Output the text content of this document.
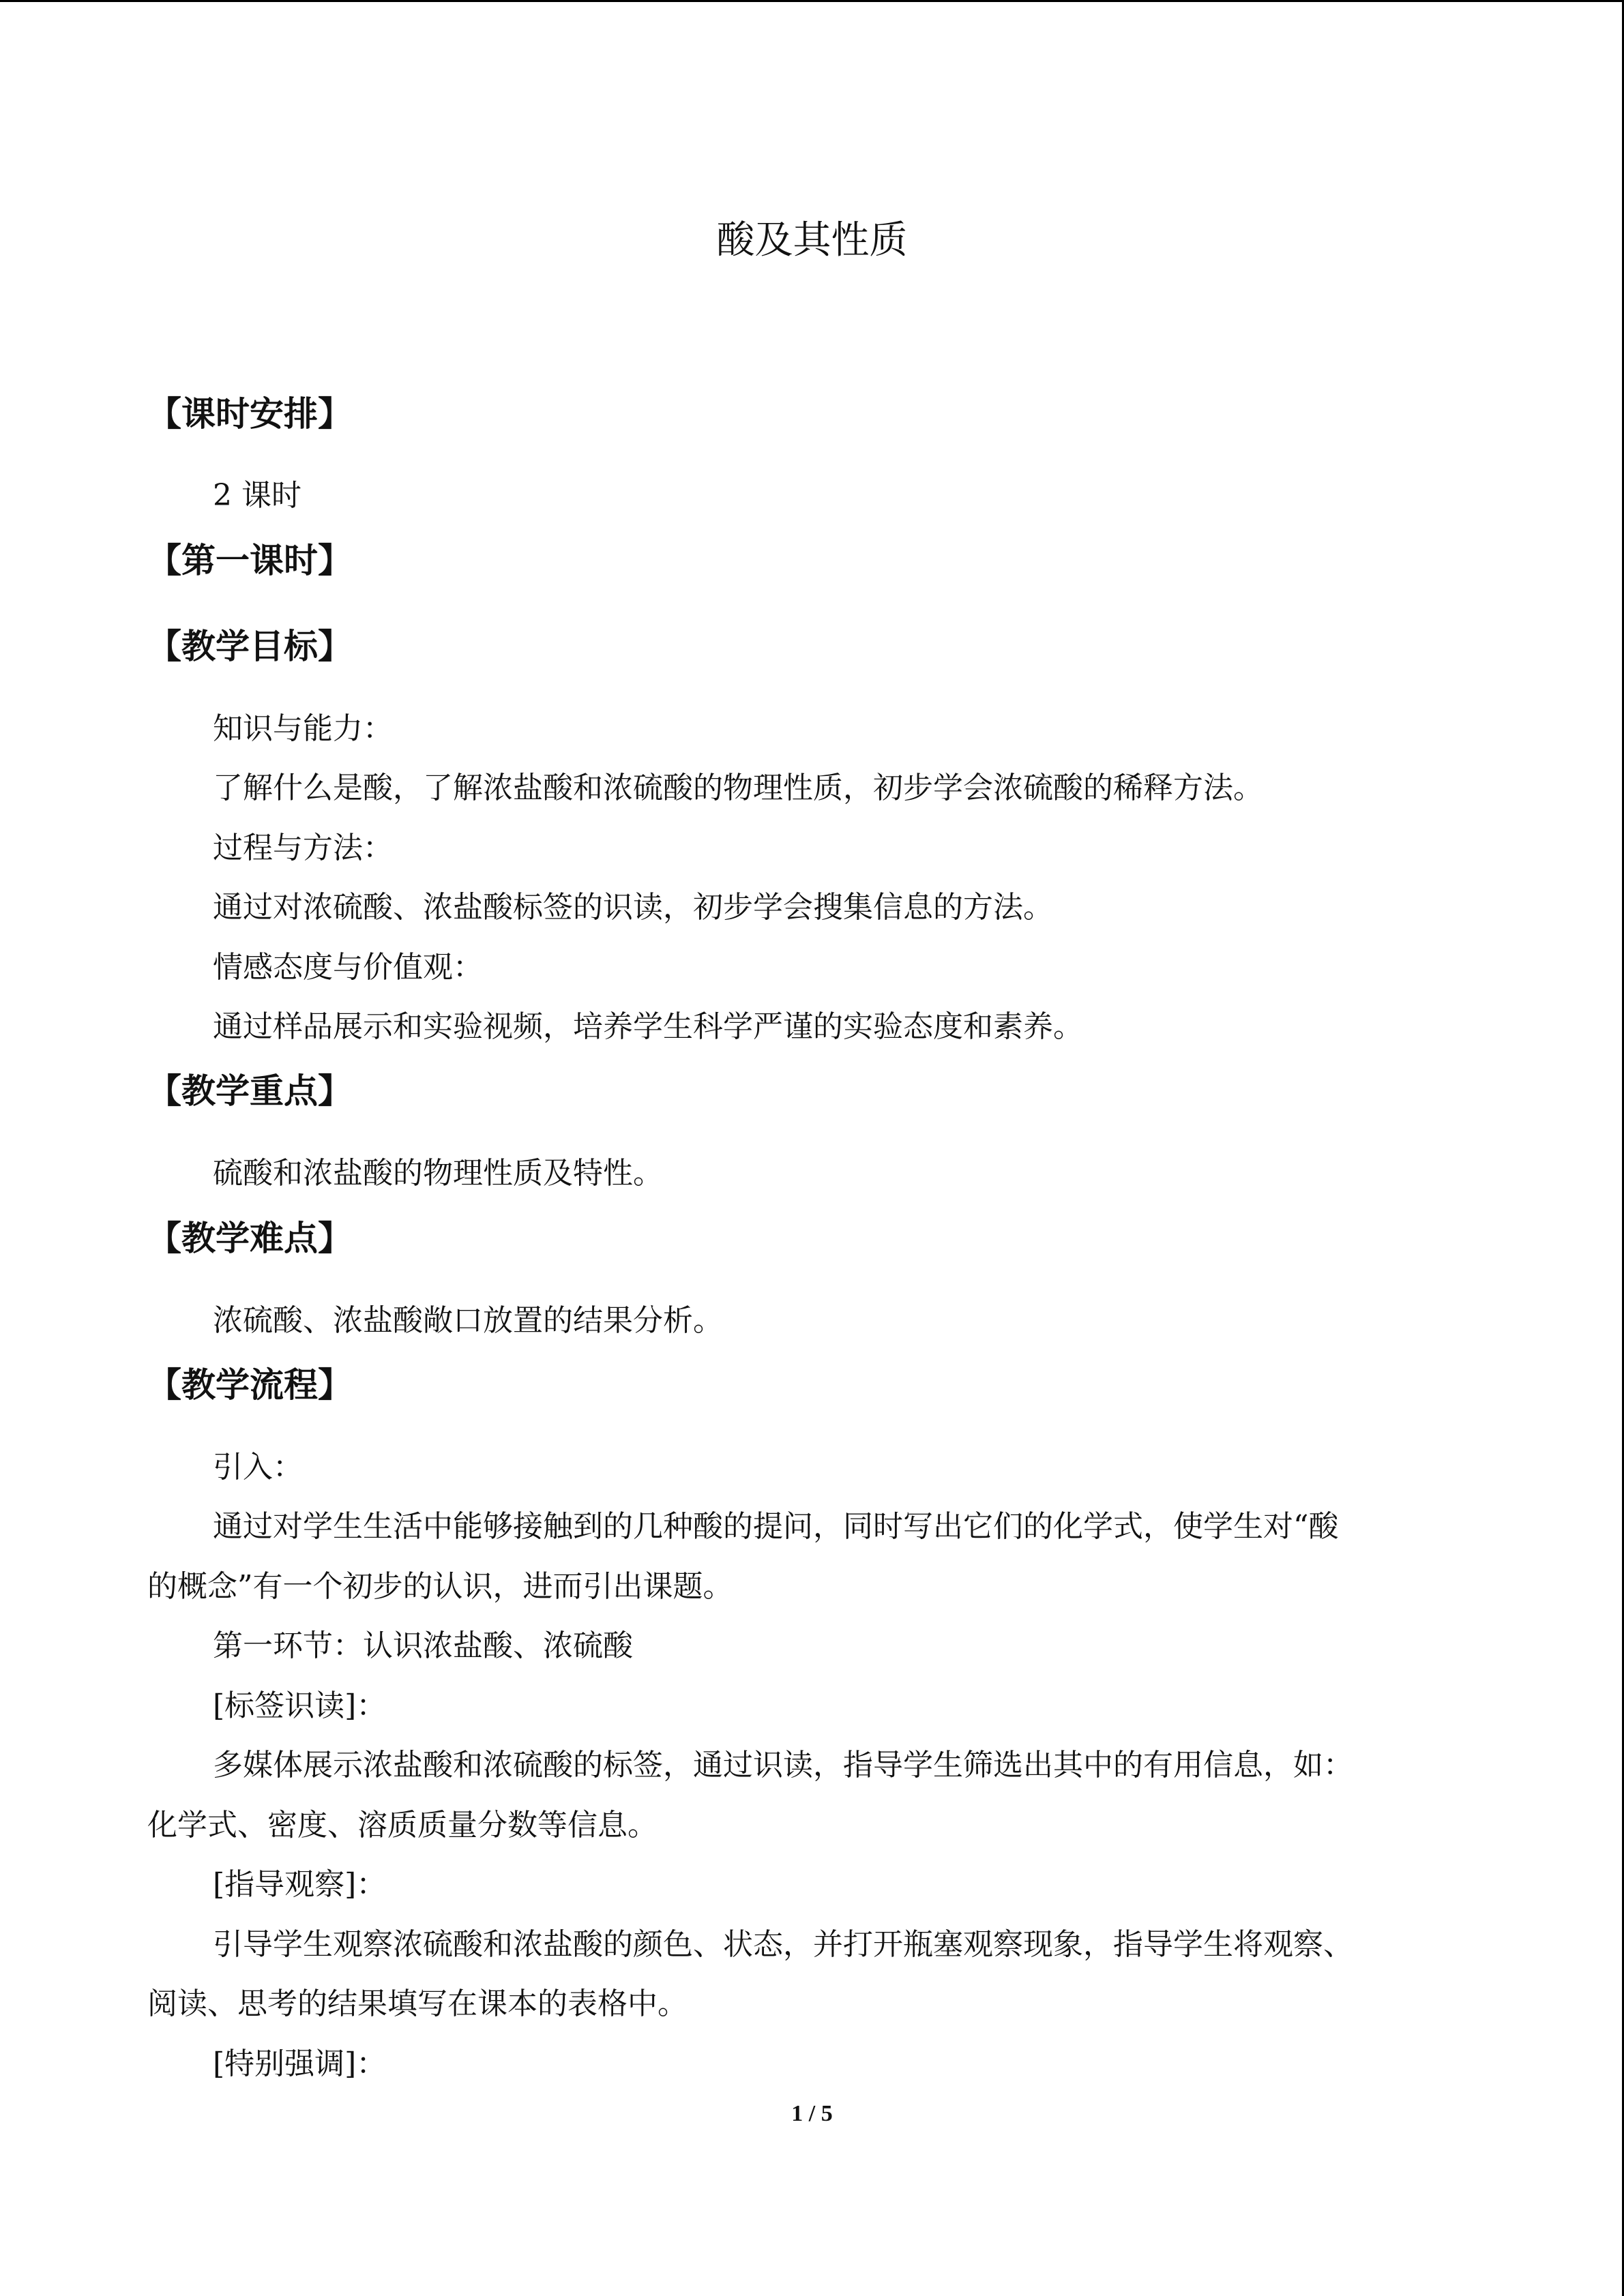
酸及其性质
【课时安排】
2 课时
【第一课时】
【教学目标】
知识与能力：
了解什么是酸，了解浓盐酸和浓硫酸的物理性质，初步学会浓硫酸的稀释方法。
过程与方法：
通过对浓硫酸、浓盐酸标签的识读，初步学会搜集信息的方法。
情感态度与价值观：
通过样品展示和实验视频，培养学生科学严谨的实验态度和素养。
【教学重点】
硫酸和浓盐酸的物理性质及特性。
【教学难点】
浓硫酸、浓盐酸敞口放置的结果分析。
【教学流程】
引入：
通过对学生生活中能够接触到的几种酸的提问，同时写出它们的化学式，使学生对“酸
的概念”有一个初步的认识，进而引出课题。
第一环节：认识浓盐酸、浓硫酸
[标签识读]：
多媒体展示浓盐酸和浓硫酸的标签，通过识读，指导学生筛选出其中的有用信息，如：
化学式、密度、溶质质量分数等信息。
[指导观察]：
引导学生观察浓硫酸和浓盐酸的颜色、状态，并打开瓶塞观察现象，指导学生将观察、
阅读、思考的结果填写在课本的表格中。
[特别强调]：
1 / 5
